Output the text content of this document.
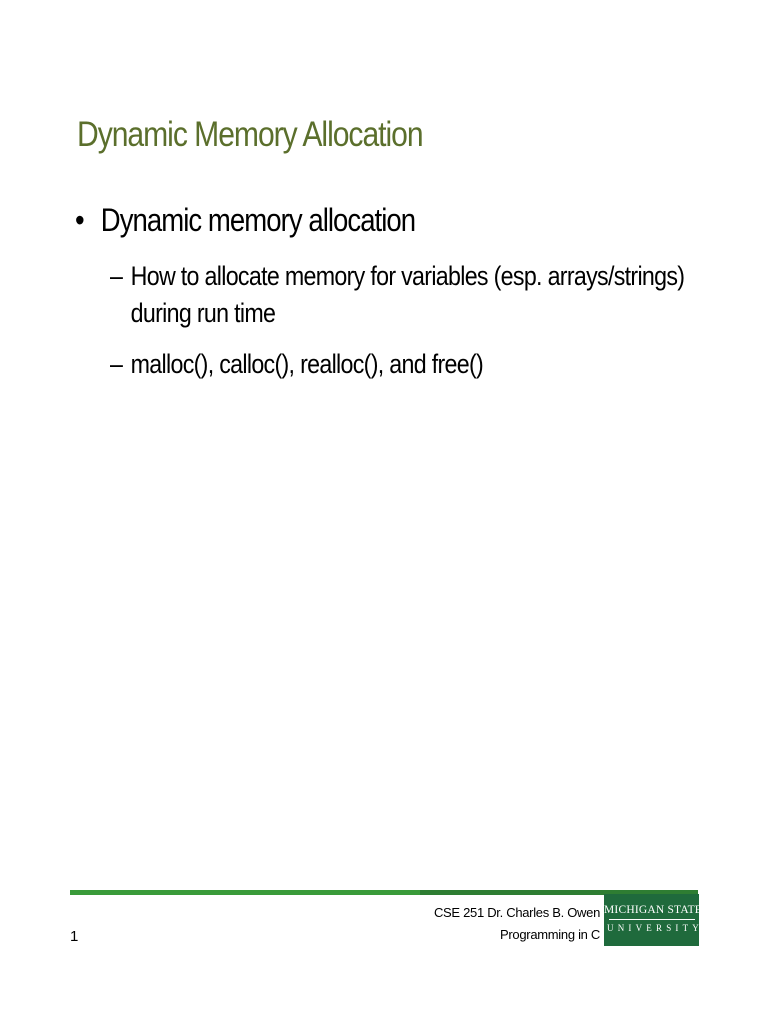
Dynamic Memory Allocation
• Dynamic memory allocation
– How to allocate memory for variables (esp. arrays/strings)
during run time
– malloc(), calloc(), realloc(), and free()
1
CSE 251 Dr. Charles B. Owen
Programming in C
MICHIGAN STATE
UNIVERSITY
